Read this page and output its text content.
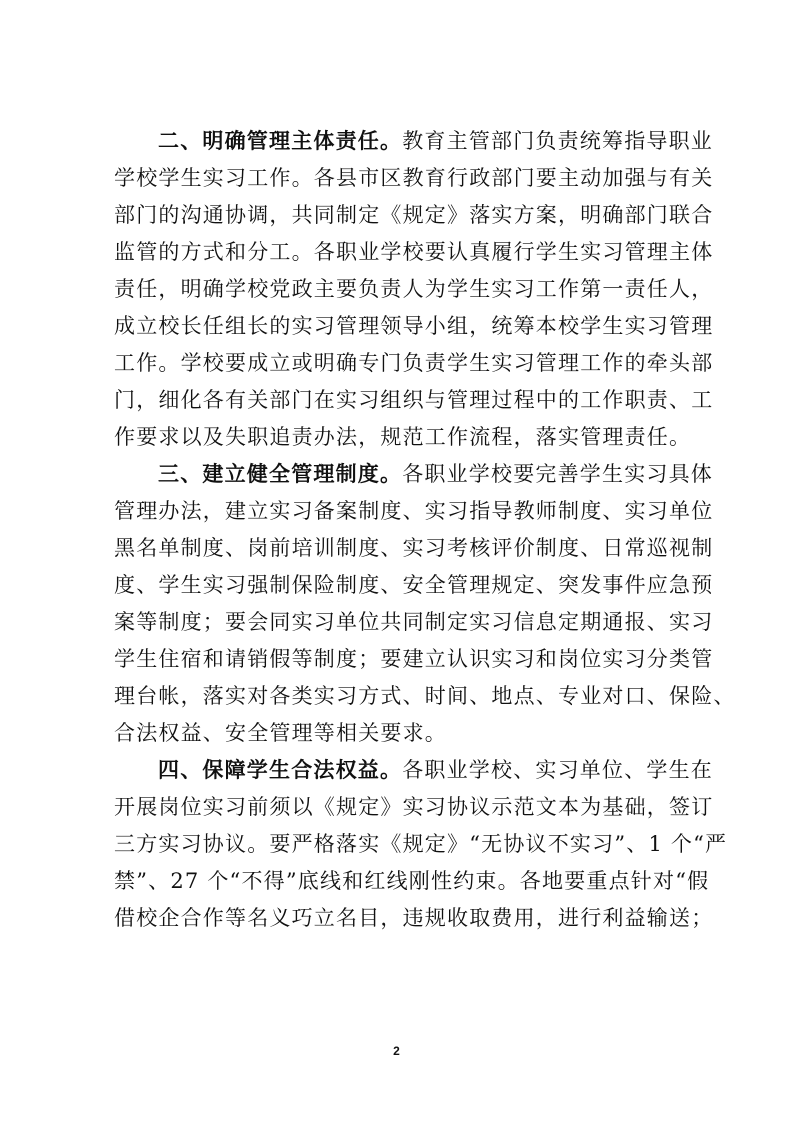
二、明确管理主体责任。教育主管部门负责统筹指导职业
学校学生实习工作。各县市区教育行政部门要主动加强与有关
部门的沟通协调，共同制定《规定》落实方案，明确部门联合
监管的方式和分工。各职业学校要认真履行学生实习管理主体
责任，明确学校党政主要负责人为学生实习工作第一责任人，
成立校长任组长的实习管理领导小组，统筹本校学生实习管理
工作。学校要成立或明确专门负责学生实习管理工作的牵头部
门，细化各有关部门在实习组织与管理过程中的工作职责、工
作要求以及失职追责办法，规范工作流程，落实管理责任。
三、建立健全管理制度。各职业学校要完善学生实习具体
管理办法，建立实习备案制度、实习指导教师制度、实习单位
黑名单制度、岗前培训制度、实习考核评价制度、日常巡视制
度、学生实习强制保险制度、安全管理规定、突发事件应急预
案等制度；要会同实习单位共同制定实习信息定期通报、实习
学生住宿和请销假等制度；要建立认识实习和岗位实习分类管
理台帐，落实对各类实习方式、时间、地点、专业对口、保险、
合法权益、安全管理等相关要求。
四、保障学生合法权益。各职业学校、实习单位、学生在
开展岗位实习前须以《规定》实习协议示范文本为基础，签订
三方实习协议。要严格落实《规定》“无协议不实习”、1 个“严
禁”、27 个“不得”底线和红线刚性约束。各地要重点针对“假
借校企合作等名义巧立名目，违规收取费用，进行利益输送；
2
